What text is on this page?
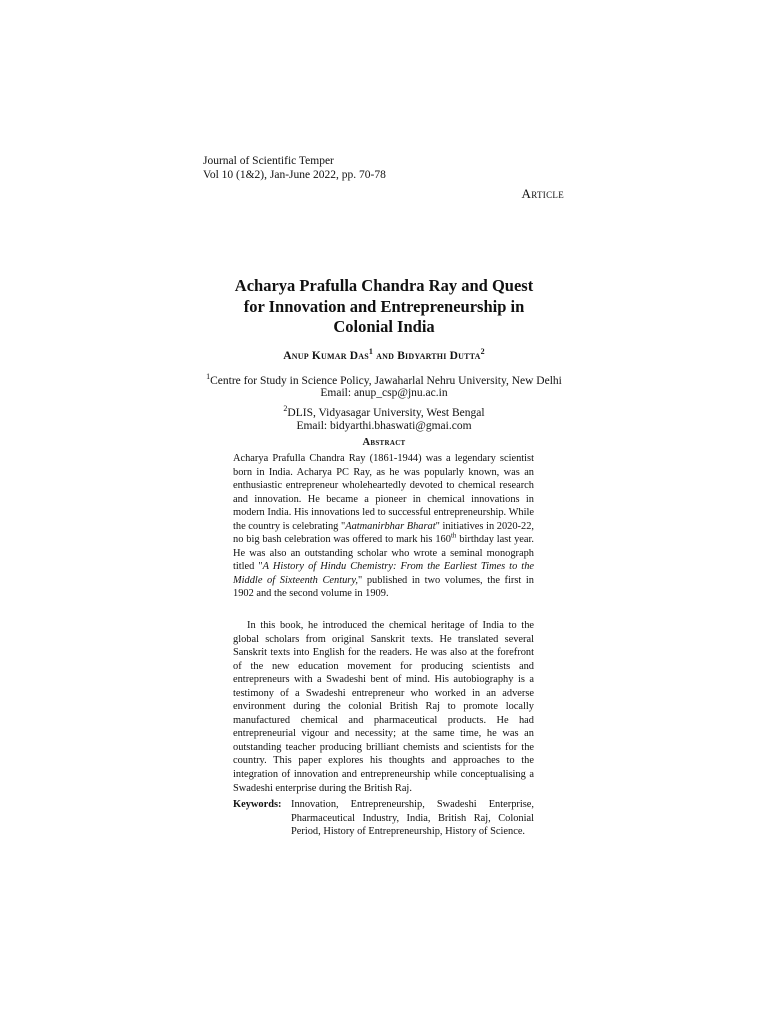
Journal of Scientific Temper
Vol 10 (1&2), Jan-June 2022, pp. 70-78
Article
Acharya Prafulla Chandra Ray and Quest
for Innovation and Entrepreneurship in
Colonial India
Anup Kumar Das$^1$ and Bidyarthi Dutta$^2$
$^1$Centre for Study in Science Policy, Jawaharlal Nehru University, New Delhi
Email: anup_csp@jnu.ac.in
$^2$DLIS, Vidyasagar University, West Bengal
Email: bidyarthi.bhaswati@gmai.com
Abstract

Acharya Prafulla Chandra Ray (1861-1944) was a legendary scientist born in India. Acharya PC Ray, as he was popularly known, was an enthusiastic entrepreneur wholeheartedly devoted to chemical research and innovation. He became a pioneer in chemical innovations in modern India. His innovations led to successful entrepreneurship. While the country is celebrating "Aatmanirbhar Bharat" initiatives in 2020-22, no big bash celebration was offered to mark his 160th birthday last year. He was also an outstanding scholar who wrote a seminal monograph titled "A History of Hindu Chemistry: From the Earliest Times to the Middle of Sixteenth Century," published in two volumes, the first in 1902 and the second volume in 1909.

In this book, he introduced the chemical heritage of India to the global scholars from original Sanskrit texts. He translated several Sanskrit texts into English for the readers. He was also at the forefront of the new education movement for producing scientists and entrepreneurs with a Swadeshi bent of mind. His autobiography is a testimony of a Swadeshi entrepreneur who worked in an adverse environment during the colonial British Raj to promote locally manufactured chemical and pharmaceutical products. He had entrepreneurial vigour and necessity; at the same time, he was an outstanding teacher producing brilliant chemists and scientists for the country. This paper explores his thoughts and approaches to the integration of innovation and entrepreneurship while conceptualising a Swadeshi enterprise during the British Raj.

Keywords: Innovation, Entrepreneurship, Swadeshi Enterprise, Pharmaceutical Industry, India, British Raj, Colonial Period, History of Entrepreneurship, History of Science.
